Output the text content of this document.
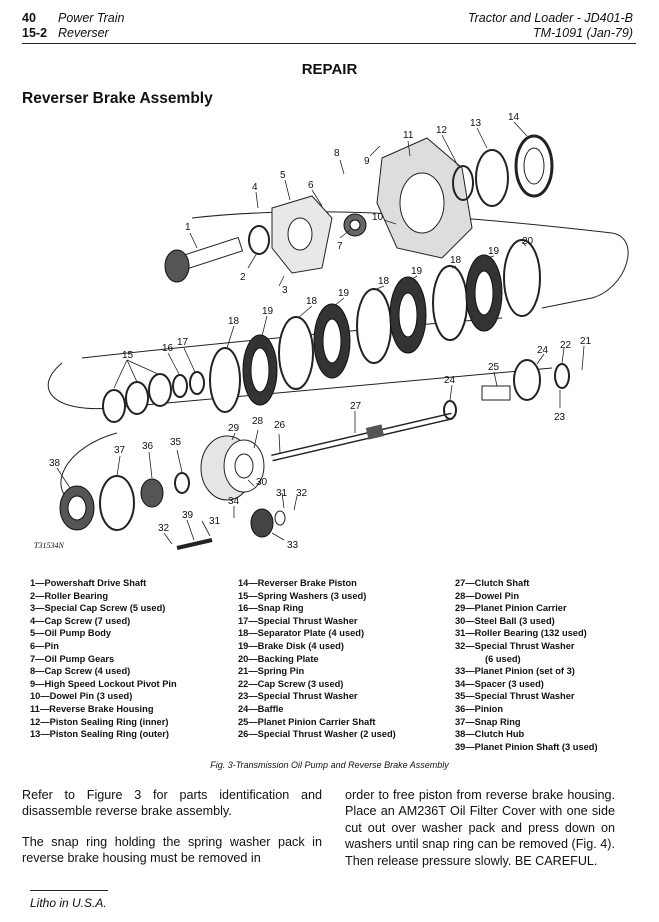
40 Power Train
15-2 Reverser
Tractor and Loader - JD401-B
TM-1091 (Jan-79)
REPAIR
Reverser Brake Assembly
1
2
3
4
5
6
7
8
9
10
11 12
13
14
15
16
17
18
19
18
19
18
19
18
19
20
21
22
23
24
24
25
26
27
28
29
30
31
31
32
32
33
34
35
36
37
38
39
T31534N
1—Powershaft Drive Shaft
2—Roller Bearing
3—Special Cap Screw (5 used)
4—Cap Screw (7 used)
5—Oil Pump Body
6—Pin
7—Oil Pump Gears
8—Cap Screw (4 used)
9—High Speed Lockout Pivot Pin
10—Dowel Pin (3 used)
11—Reverse Brake Housing
12—Piston Sealing Ring (inner)
13—Piston Sealing Ring (outer)
14—Reverser Brake Piston
15—Spring Washers (3 used)
16—Snap Ring
17—Special Thrust Washer
18—Separator Plate (4 used)
19—Brake Disk (4 used)
20—Backing Plate
21—Spring Pin
22—Cap Screw (3 used)
23—Special Thrust Washer
24—Baffle
25—Planet Pinion Carrier Shaft
26—Special Thrust Washer (2 used)
27—Clutch Shaft
28—Dowel Pin
29—Planet Pinion Carrier
30—Steel Ball (3 used)
31—Roller Bearing (132 used)
32—Special Thrust Washer
(6 used)
33—Planet Pinion (set of 3)
34—Spacer (3 used)
35—Special Thrust Washer
36—Pinion
37—Snap Ring
38—Clutch Hub
39—Planet Pinion Shaft (3 used)
Fig. 3-Transmission Oil Pump and Reverse Brake Assembly

Refer to Figure 3 for parts identification and disassemble reverse brake assembly.

The snap ring holding the spring washer pack in reverse brake housing must be removed in

order to free piston from reverse brake housing. Place an AM236T Oil Filter Cover with one side cut out over washer pack and press down on washers until snap ring can be removed (Fig. 4). Then release pressure slowly. BE CAREFUL.

Litho in U.S.A.
